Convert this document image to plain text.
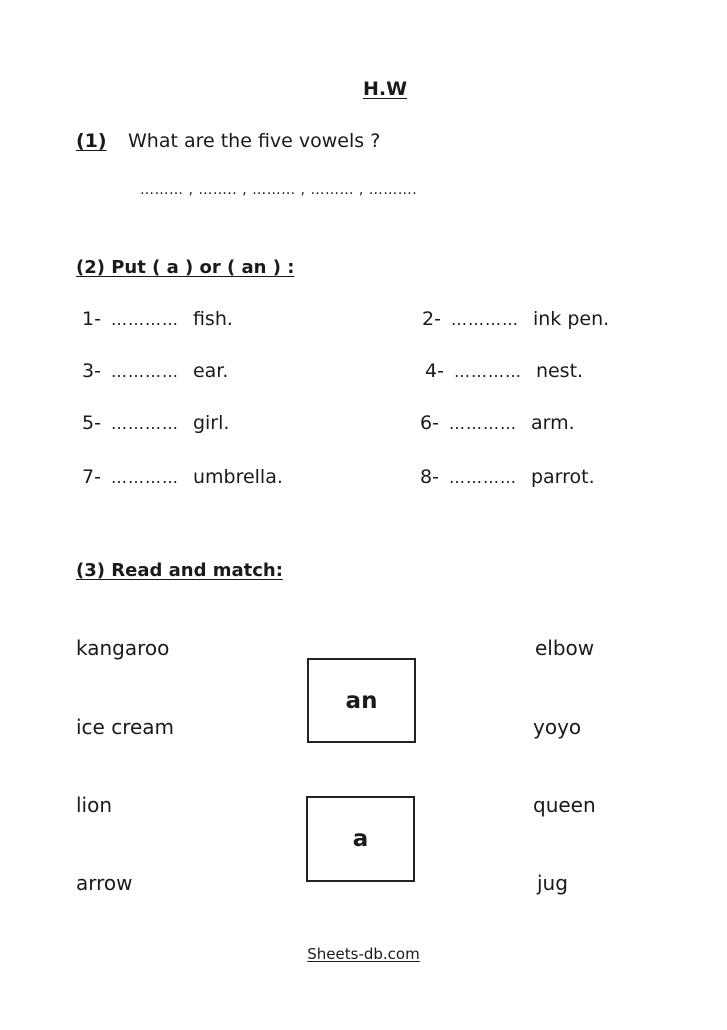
H.W
(1) What are the five vowels ?
……… , …….. , ……… , ……… , ……….
(2) Put ( a ) or ( an ) :
1- ………… fish.	2- ………… ink pen.
3- ………… ear.	4- ………… nest.
5- ………… girl.	6- ………… arm.
7- ………… umbrella.	8- ………… parrot.
(3) Read and match:
kangaroo
ice cream
lion
arrow
an
a
elbow
yoyo
queen
jug
Sheets-db.com
